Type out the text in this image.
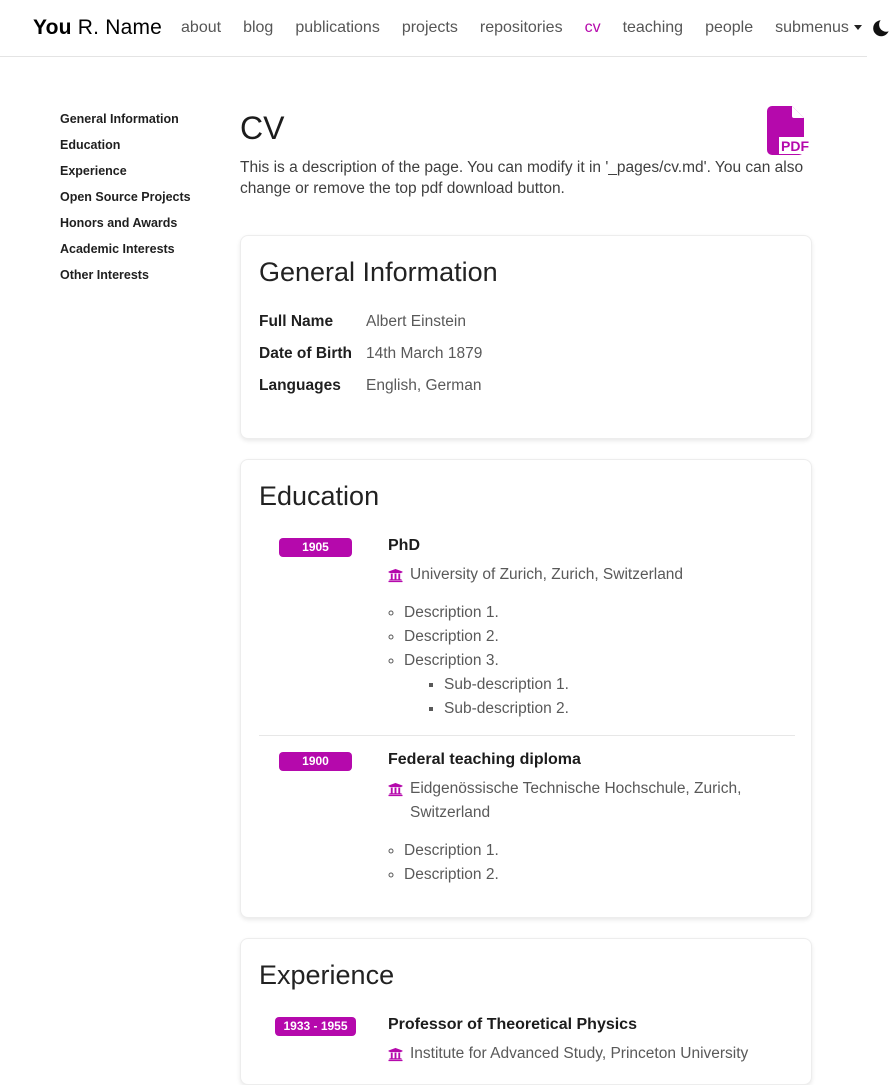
You R. Name	about	blog	publications	projects	repositories	cv	teaching	people	submenus
General Information
Education
Experience
Open Source Projects
Honors and Awards
Academic Interests
Other Interests
CV	PDF

This is a description of the page. You can modify it in '_pages/cv.md'. You can also change or remove the top pdf download button.

General Information
Full Name	Albert Einstein
Date of Birth 14th March 1879
Languages	English, German
Education
1905	PhD
University of Zurich, Zurich, Switzerland
◦ Description 1.
◦ Description 2.
◦ Description 3.
▪ Sub-description 1.
▪ Sub-description 2.
1900	Federal teaching diploma
Eidgenössische Technische Hochschule, Zurich, Switzerland
◦ Description 1.
◦ Description 2.
Experience
1933 - 1955	Professor of Theoretical Physics
Institute for Advanced Study, Princeton University
